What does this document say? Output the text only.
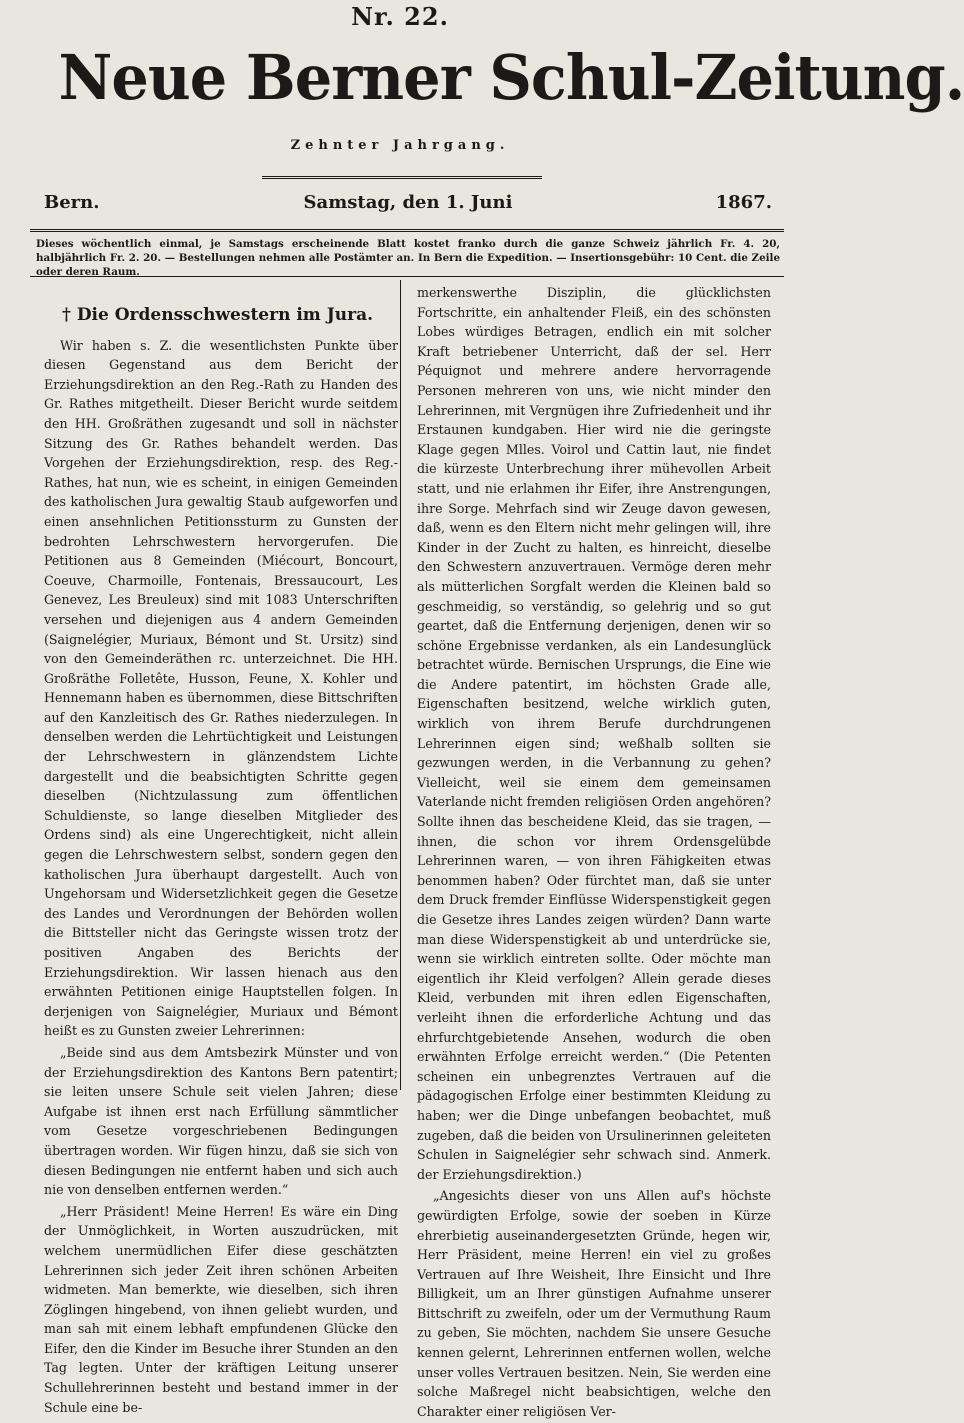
Nr. 22.
Neue Berner Schul-Zeitung.
Zehnter Jahrgang.
Samstag, den 1. Juni
Bern.	1867.
Dieses wöchentlich einmal, je Samstags erscheinende Blatt kostet franko durch die ganze Schweiz jährlich Fr. 4. 20, halbjährlich Fr. 2. 20. — Bestellungen nehmen alle Postämter an. In Bern die Expedition. — Insertionsgebühr: 10 Cent. die Zeile oder deren Raum.
† Die Ordensschwestern im Jura.

Wir haben s. Z. die wesentlichsten Punkte über diesen Gegenstand aus dem Bericht der Erziehungsdirektion an den Reg.-Rath zu Handen des Gr. Rathes mitgetheilt. Dieser Bericht wurde seitdem den HH. Großräthen zugesandt und soll in nächster Sitzung des Gr. Rathes behandelt werden. Das Vorgehen der Erziehungsdirektion, resp. des Reg.-Rathes, hat nun, wie es scheint, in einigen Gemeinden des katholischen Jura gewaltig Staub aufgeworfen und einen ansehnlichen Petitionssturm zu Gunsten der bedrohten Lehrschwestern hervorgerufen. Die Petitionen aus 8 Gemeinden (Miécourt, Boncourt, Coeuve, Charmoille, Fontenais, Bressaucourt, Les Genevez, Les Breuleux) sind mit 1083 Unterschriften versehen und diejenigen aus 4 andern Gemeinden (Saignelégier, Muriaux, Bémont und St. Ursitz) sind von den Gemeinderäthen rc. unterzeichnet. Die HH. Großräthe Folletête, Husson, Feune, X. Kohler und Hennemann haben es übernommen, diese Bittschriften auf den Kanzleitisch des Gr. Rathes niederzulegen. In denselben werden die Lehrtüchtigkeit und Leistungen der Lehrschwestern in glänzendstem Lichte dargestellt und die beabsichtigten Schritte gegen dieselben (Nichtzulassung zum öffentlichen Schuldienste, so lange dieselben Mitglieder des Ordens sind) als eine Ungerechtigkeit, nicht allein gegen die Lehrschwestern selbst, sondern gegen den katholischen Jura überhaupt dargestellt. Auch von Ungehorsam und Widersetzlichkeit gegen die Gesetze des Landes und Verordnungen der Behörden wollen die Bittsteller nicht das Geringste wissen trotz der positiven Angaben des Berichts der Erziehungsdirektion. Wir lassen hienach aus den erwähnten Petitionen einige Hauptstellen folgen. In derjenigen von Saignelégier, Muriaux und Bémont heißt es zu Gunsten zweier Lehrerinnen:

„Beide sind aus dem Amtsbezirk Münster und von der Erziehungsdirektion des Kantons Bern patentirt; sie leiten unsere Schule seit vielen Jahren; diese Aufgabe ist ihnen erst nach Erfüllung sämmtlicher vom Gesetze vorgeschriebenen Bedingungen übertragen worden. Wir fügen hinzu, daß sie sich von diesen Bedingungen nie entfernt haben und sich auch nie von denselben entfernen werden.“

„Herr Präsident! Meine Herren! Es wäre ein Ding der Unmöglichkeit, in Worten auszudrücken, mit welchem unermüdlichen Eifer diese geschätzten Lehrerinnen sich jeder Zeit ihren schönen Arbeiten widmeten. Man bemerkte, wie dieselben, sich ihren Zöglingen hingebend, von ihnen geliebt wurden, und man sah mit einem lebhaft empfundenen Glücke den Eifer, den die Kinder im Besuche ihrer Stunden an den Tag legten. Unter der kräftigen Leitung unserer Schullehrerinnen besteht und bestand immer in der Schule eine be-

merkenswerthe Disziplin, die glücklichsten Fortschritte, ein anhaltender Fleiß, ein des schönsten Lobes würdiges Betragen, endlich ein mit solcher Kraft betriebener Unterricht, daß der sel. Herr Péquignot und mehrere andere hervorragende Personen mehreren von uns, wie nicht minder den Lehrerinnen, mit Vergnügen ihre Zufriedenheit und ihr Erstaunen kundgaben. Hier wird nie die geringste Klage gegen Mlles. Voirol und Cattin laut, nie findet die kürzeste Unterbrechung ihrer mühevollen Arbeit statt, und nie erlahmen ihr Eifer, ihre Anstrengungen, ihre Sorge. Mehrfach sind wir Zeuge davon gewesen, daß, wenn es den Eltern nicht mehr gelingen will, ihre Kinder in der Zucht zu halten, es hinreicht, dieselbe den Schwestern anzuvertrauen. Vermöge deren mehr als mütterlichen Sorgfalt werden die Kleinen bald so geschmeidig, so verständig, so gelehrig und so gut geartet, daß die Entfernung derjenigen, denen wir so schöne Ergebnisse verdanken, als ein Landesunglück betrachtet würde. Bernischen Ursprungs, die Eine wie die Andere patentirt, im höchsten Grade alle, Eigenschaften besitzend, welche wirklich guten, wirklich von ihrem Berufe durchdrungenen Lehrerinnen eigen sind; weßhalb sollten sie gezwungen werden, in die Verbannung zu gehen? Vielleicht, weil sie einem dem gemeinsamen Vaterlande nicht fremden religiösen Orden angehören? Sollte ihnen das bescheidene Kleid, das sie tragen, — ihnen, die schon vor ihrem Ordensgelübde Lehrerinnen waren, — von ihren Fähigkeiten etwas benommen haben? Oder fürchtet man, daß sie unter dem Druck fremder Einflüsse Widerspenstigkeit gegen die Gesetze ihres Landes zeigen würden? Dann warte man diese Widerspenstigkeit ab und unterdrücke sie, wenn sie wirklich eintreten sollte. Oder möchte man eigentlich ihr Kleid verfolgen? Allein gerade dieses Kleid, verbunden mit ihren edlen Eigenschaften, verleiht ihnen die erforderliche Achtung und das ehrfurchtgebietende Ansehen, wodurch die oben erwähnten Erfolge erreicht werden.“ (Die Petenten scheinen ein unbegrenztes Vertrauen auf die pädagogischen Erfolge einer bestimmten Kleidung zu haben; wer die Dinge unbefangen beobachtet, muß zugeben, daß die beiden von Ursulinerinnen geleiteten Schulen in Saignelégier sehr schwach sind. Anmerk. der Erziehungsdirektion.)

„Angesichts dieser von uns Allen auf's höchste gewürdigten Erfolge, sowie der soeben in Kürze ehrerbietig auseinandergesetzten Gründe, hegen wir, Herr Präsident, meine Herren! ein viel zu großes Vertrauen auf Ihre Weisheit, Ihre Einsicht und Ihre Billigkeit, um an Ihrer günstigen Aufnahme unserer Bittschrift zu zweifeln, oder um der Vermuthung Raum zu geben, Sie möchten, nachdem Sie unsere Gesuche kennen gelernt, Lehrerinnen entfernen wollen, welche unser volles Vertrauen besitzen. Nein, Sie werden eine solche Maßregel nicht beabsichtigen, welche den Charakter einer religiösen Ver-
